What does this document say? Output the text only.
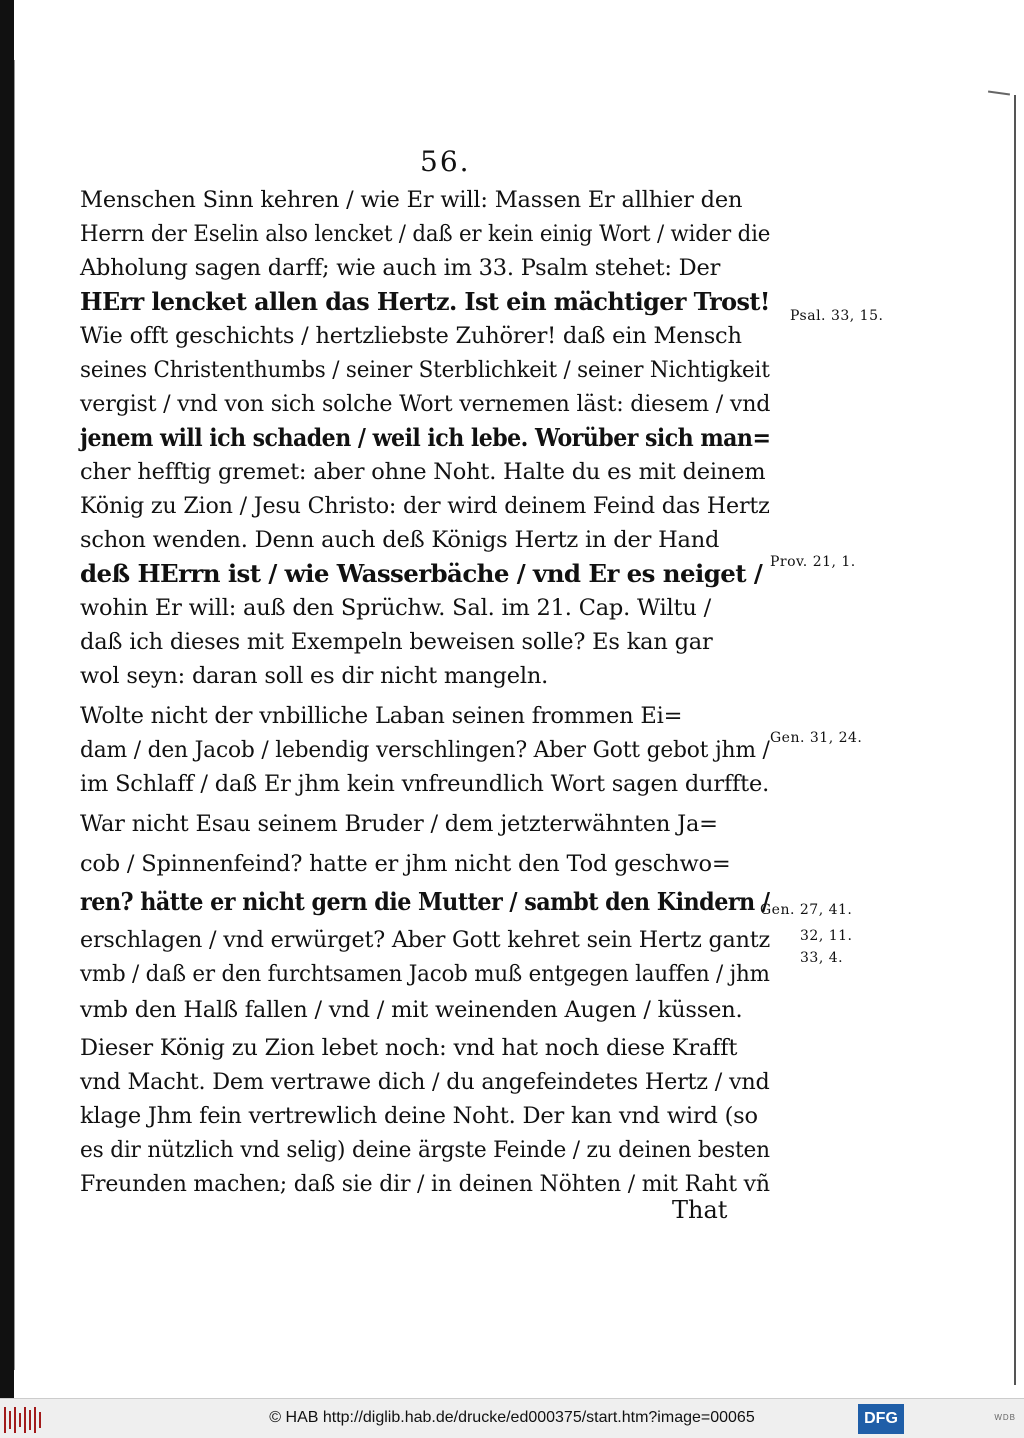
56.
Menschen Sinn kehren / wie Er will: Massen Er allhier den
Herrn der Eselin also lencket / daß er kein einig Wort / wider die
Abholung sagen darff; wie auch im 33. Psalm stehet: Der
HErr lencket allen das Hertz. Ist ein mächtiger Trost!
Wie offt geschichts / hertzliebste Zuhörer! daß ein Mensch
seines Christenthumbs / seiner Sterblichkeit / seiner Nichtigkeit
vergist / vnd von sich solche Wort vernemen läst: diesem / vnd
jenem will ich schaden / weil ich lebe. Worüber sich man=
cher hefftig gremet: aber ohne Noht. Halte du es mit deinem
König zu Zion / Jesu Christo: der wird deinem Feind das Hertz
schon wenden. Denn auch deß Königs Hertz in der Hand
deß HErrn ist / wie Wasserbäche / vnd Er es neiget /
wohin Er will: auß den Sprüchw. Sal. im 21. Cap. Wiltu /
daß ich dieses mit Exempeln beweisen solle? Es kan gar
wol seyn: daran soll es dir nicht mangeln.
Wolte nicht der vnbilliche Laban seinen frommen Ei=
dam / den Jacob / lebendig verschlingen? Aber Gott gebot jhm /
im Schlaff / daß Er jhm kein vnfreundlich Wort sagen durffte.
War nicht Esau seinem Bruder / dem jetzterwähnten Ja=
cob / Spinnenfeind? hatte er jhm nicht den Tod geschwo=
ren? hätte er nicht gern die Mutter / sambt den Kindern /
erschlagen / vnd erwürget? Aber Gott kehret sein Hertz gantz
vmb / daß er den furchtsamen Jacob muß entgegen lauffen / jhm
vmb den Halß fallen / vnd / mit weinenden Augen / küssen.
Dieser König zu Zion lebet noch: vnd hat noch diese Krafft
vnd Macht. Dem vertrawe dich / du angefeindetes Hertz / vnd
klage Jhm fein vertrewlich deine Noht. Der kan vnd wird (so
es dir nützlich vnd selig) deine ärgste Feinde / zu deinen besten
Freunden machen; daß sie dir / in deinen Nöhten / mit Raht vñ
Psal. 33, 15.
Prov. 21, 1.
Gen. 31, 24.
Gen. 27, 41.
32, 11.
33, 4.
That
© HAB http://diglib.hab.de/drucke/ed000375/start.htm?image=00065	DFG	WDB
